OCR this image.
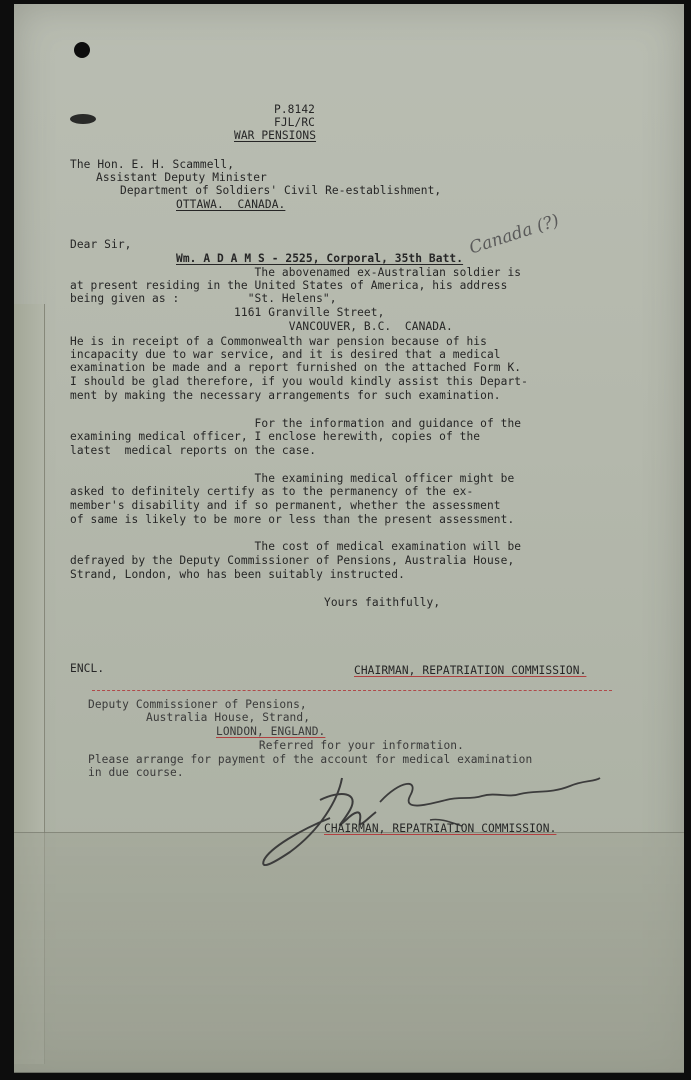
P.8142

FJL/RC

WAR PENSIONS

The Hon. E. H. Scammell,

Assistant Deputy Minister

Department of Soldiers' Civil Re-establishment,

OTTAWA.  CANADA.

Canada (?)

Dear Sir,

Wm. A D A M S - 2525, Corporal, 35th Batt.

The abovenamed ex-Australian soldier is

at present residing in the United States of America, his address

being given as :          "St. Helens",

1161 Granville Street,

VANCOUVER, B.C.  CANADA.

He is in receipt of a Commonwealth war pension because of his

incapacity due to war service, and it is desired that a medical

examination be made and a report furnished on the attached Form K.

I should be glad therefore, if you would kindly assist this Depart-

ment by making the necessary arrangements for such examination.

For the information and guidance of the

examining medical officer, I enclose herewith, copies of the

latest  medical reports on the case.

The examining medical officer might be

asked to definitely certify as to the permanency of the ex-

member's disability and if so permanent, whether the assessment

of same is likely to be more or less than the present assessment.

The cost of medical examination will be

defrayed by the Deputy Commissioner of Pensions, Australia House,

Strand, London, who has been suitably instructed.

Yours faithfully,

ENCL.	CHAIRMAN, REPATRIATION COMMISSION.

Deputy Commissioner of Pensions,

Australia House, Strand,

LONDON, ENGLAND.

Referred for your information.

Please arrange for payment of the account for medical examination

in due course.

CHAIRMAN, REPATRIATION COMMISSION.
